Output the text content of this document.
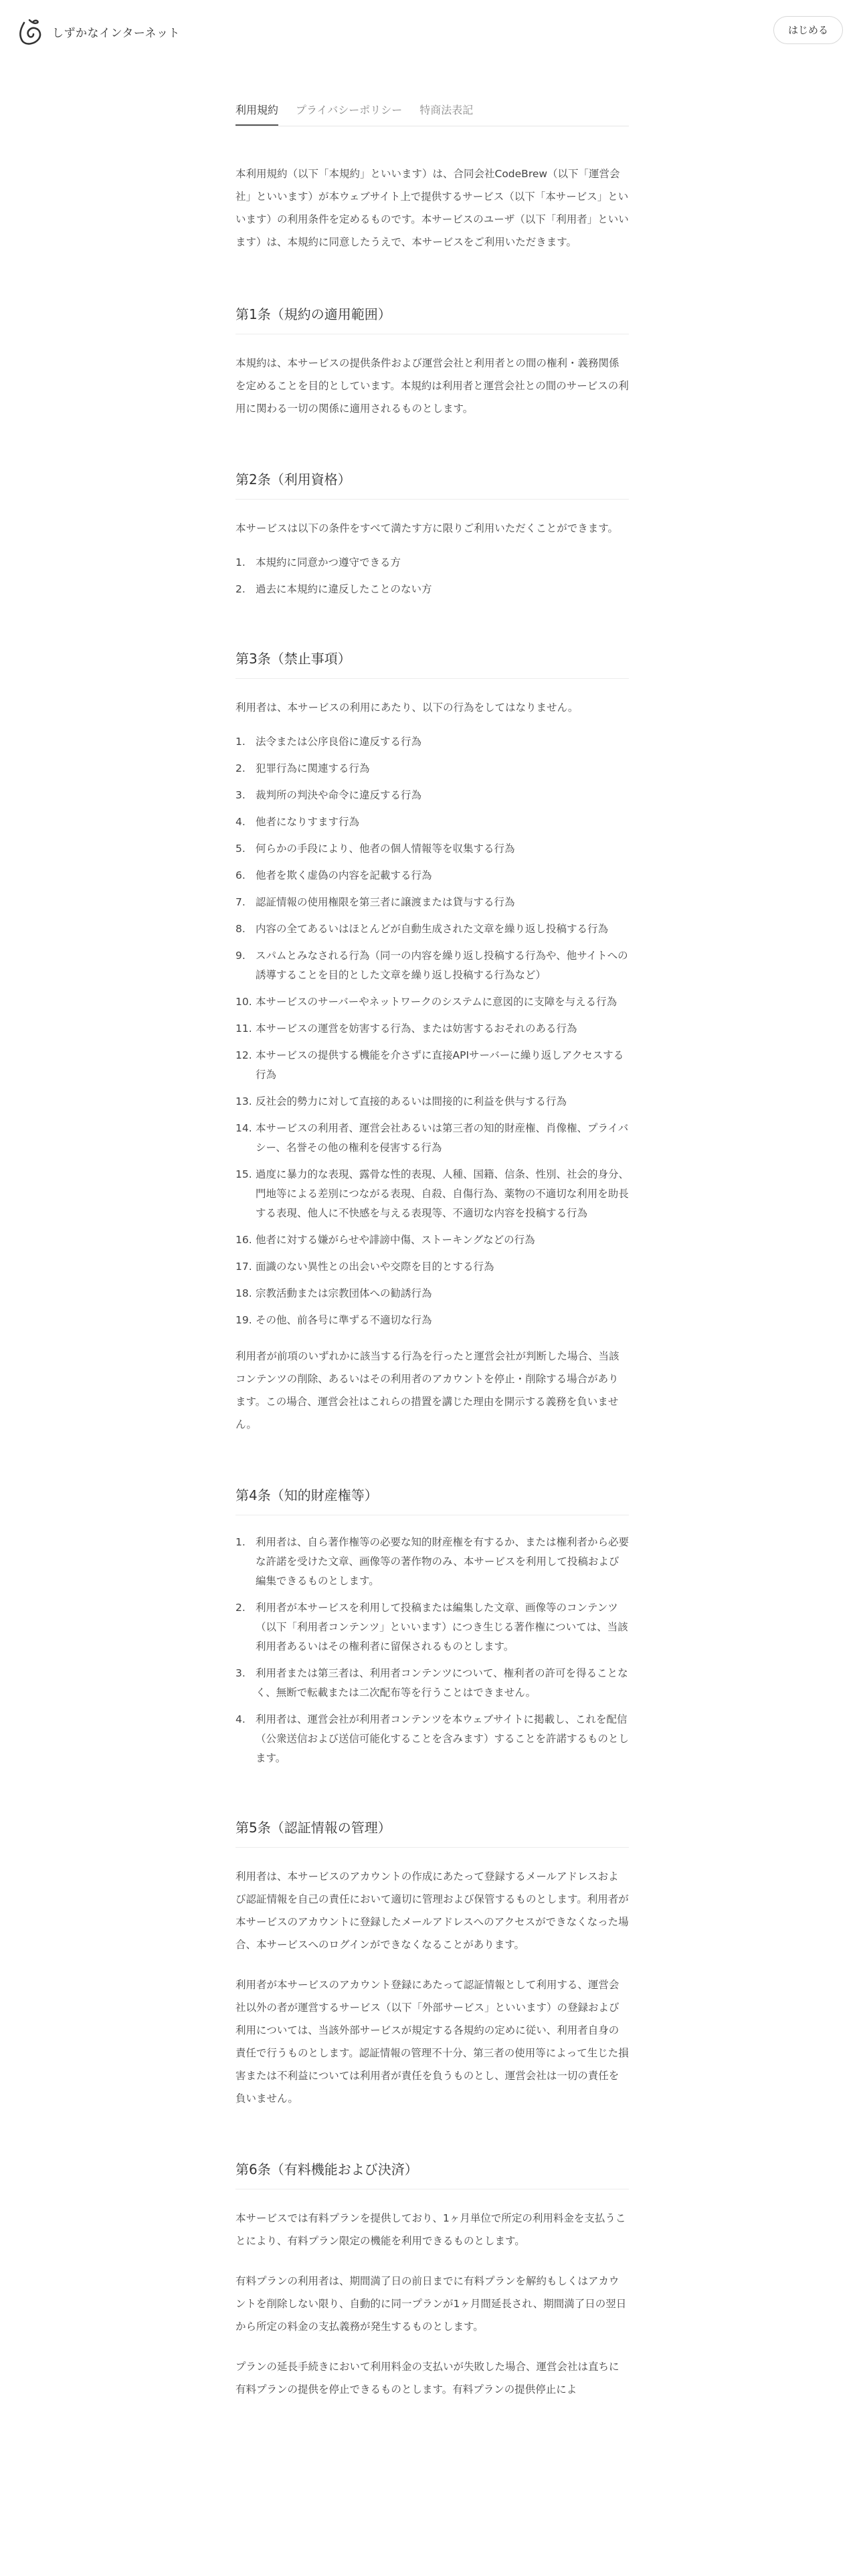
しずかなインターネット	はじめる
利用規約 プライバシーポリシー 特商法表記

本利用規約（以下「本規約」といいます）は、合同会社CodeBrew（以下「運営会社」といいます）が本ウェブサイト上で提供するサービス（以下「本サービス」といいます）の利用条件を定めるものです。本サービスのユーザ（以下「利用者」といいます）は、本規約に同意したうえで、本サービスをご利用いただきます。

第1条（規約の適用範囲）

本規約は、本サービスの提供条件および運営会社と利用者との間の権利・義務関係を定めることを目的としています。本規約は利用者と運営会社との間のサービスの利用に関わる一切の関係に適用されるものとします。

第2条（利用資格）

本サービスは以下の条件をすべて満たす方に限りご利用いただくことができます。

1. 本規約に同意かつ遵守できる方
2. 過去に本規約に違反したことのない方
第3条（禁止事項）

利用者は、本サービスの利用にあたり、以下の行為をしてはなりません。

1. 法令または公序良俗に違反する行為
2. 犯罪行為に関連する行為
3. 裁判所の判決や命令に違反する行為
4. 他者になりすます行為
5. 何らかの手段により、他者の個人情報等を収集する行為
6. 他者を欺く虚偽の内容を記載する行為
7. 認証情報の使用権限を第三者に譲渡または貸与する行為
8. 内容の全てあるいはほとんどが自動生成された文章を繰り返し投稿する行為
9. スパムとみなされる行為（同一の内容を繰り返し投稿する行為や、他サイトへの誘導することを目的とした文章を繰り返し投稿する行為など）
10. 本サービスのサーバーやネットワークのシステムに意図的に支障を与える行為
11. 本サービスの運営を妨害する行為、または妨害するおそれのある行為
12. 本サービスの提供する機能を介さずに直接APIサーバーに繰り返しアクセスする行為
13. 反社会的勢力に対して直接的あるいは間接的に利益を供与する行為
14. 本サービスの利用者、運営会社あるいは第三者の知的財産権、肖像権、プライバシー、名誉その他の権利を侵害する行為
15. 過度に暴力的な表現、露骨な性的表現、人種、国籍、信条、性別、社会的身分、門地等による差別につながる表現、自殺、自傷行為、薬物の不適切な利用を助長する表現、他人に不快感を与える表現等、不適切な内容を投稿する行為
16. 他者に対する嫌がらせや誹謗中傷、ストーキングなどの行為
17. 面識のない異性との出会いや交際を目的とする行為
18. 宗教活動または宗教団体への勧誘行為
19. その他、前各号に準ずる不適切な行為

利用者が前項のいずれかに該当する行為を行ったと運営会社が判断した場合、当該コンテンツの削除、あるいはその利用者のアカウントを停止・削除する場合があります。この場合、運営会社はこれらの措置を講じた理由を開示する義務を負いません。

第4条（知的財産権等）
1. 利用者は、自ら著作権等の必要な知的財産権を有するか、または権利者から必要な許諾を受けた文章、画像等の著作物のみ、本サービスを利用して投稿および編集できるものとします。
2. 利用者が本サービスを利用して投稿または編集した文章、画像等のコンテンツ（以下「利用者コンテンツ」といいます）につき生じる著作権については、当該利用者あるいはその権利者に留保されるものとします。
3. 利用者または第三者は、利用者コンテンツについて、権利者の許可を得ることなく、無断で転載または二次配布等を行うことはできません。
4. 利用者は、運営会社が利用者コンテンツを本ウェブサイトに掲載し、これを配信（公衆送信および送信可能化することを含みます）することを許諾するものとします。
第5条（認証情報の管理）

利用者は、本サービスのアカウントの作成にあたって登録するメールアドレスおよび認証情報を自己の責任において適切に管理および保管するものとします。利用者が本サービスのアカウントに登録したメールアドレスへのアクセスができなくなった場合、本サービスへのログインができなくなることがあります。

利用者が本サービスのアカウント登録にあたって認証情報として利用する、運営会社以外の者が運営するサービス（以下「外部サービス」といいます）の登録および利用については、当該外部サービスが規定する各規約の定めに従い、利用者自身の責任で行うものとします。認証情報の管理不十分、第三者の使用等によって生じた損害または不利益については利用者が責任を負うものとし、運営会社は一切の責任を負いません。

第6条（有料機能および決済）

本サービスでは有料プランを提供しており、1ヶ月単位で所定の利用料金を支払うことにより、有料プラン限定の機能を利用できるものとします。

有料プランの利用者は、期間満了日の前日までに有料プランを解約もしくはアカウントを削除しない限り、自動的に同一プランが1ヶ月間延長され、期間満了日の翌日から所定の料金の支払義務が発生するものとします。

プランの延長手続きにおいて利用料金の支払いが失敗した場合、運営会社は直ちに有料プランの提供を停止できるものとします。有料プランの提供停止によ
